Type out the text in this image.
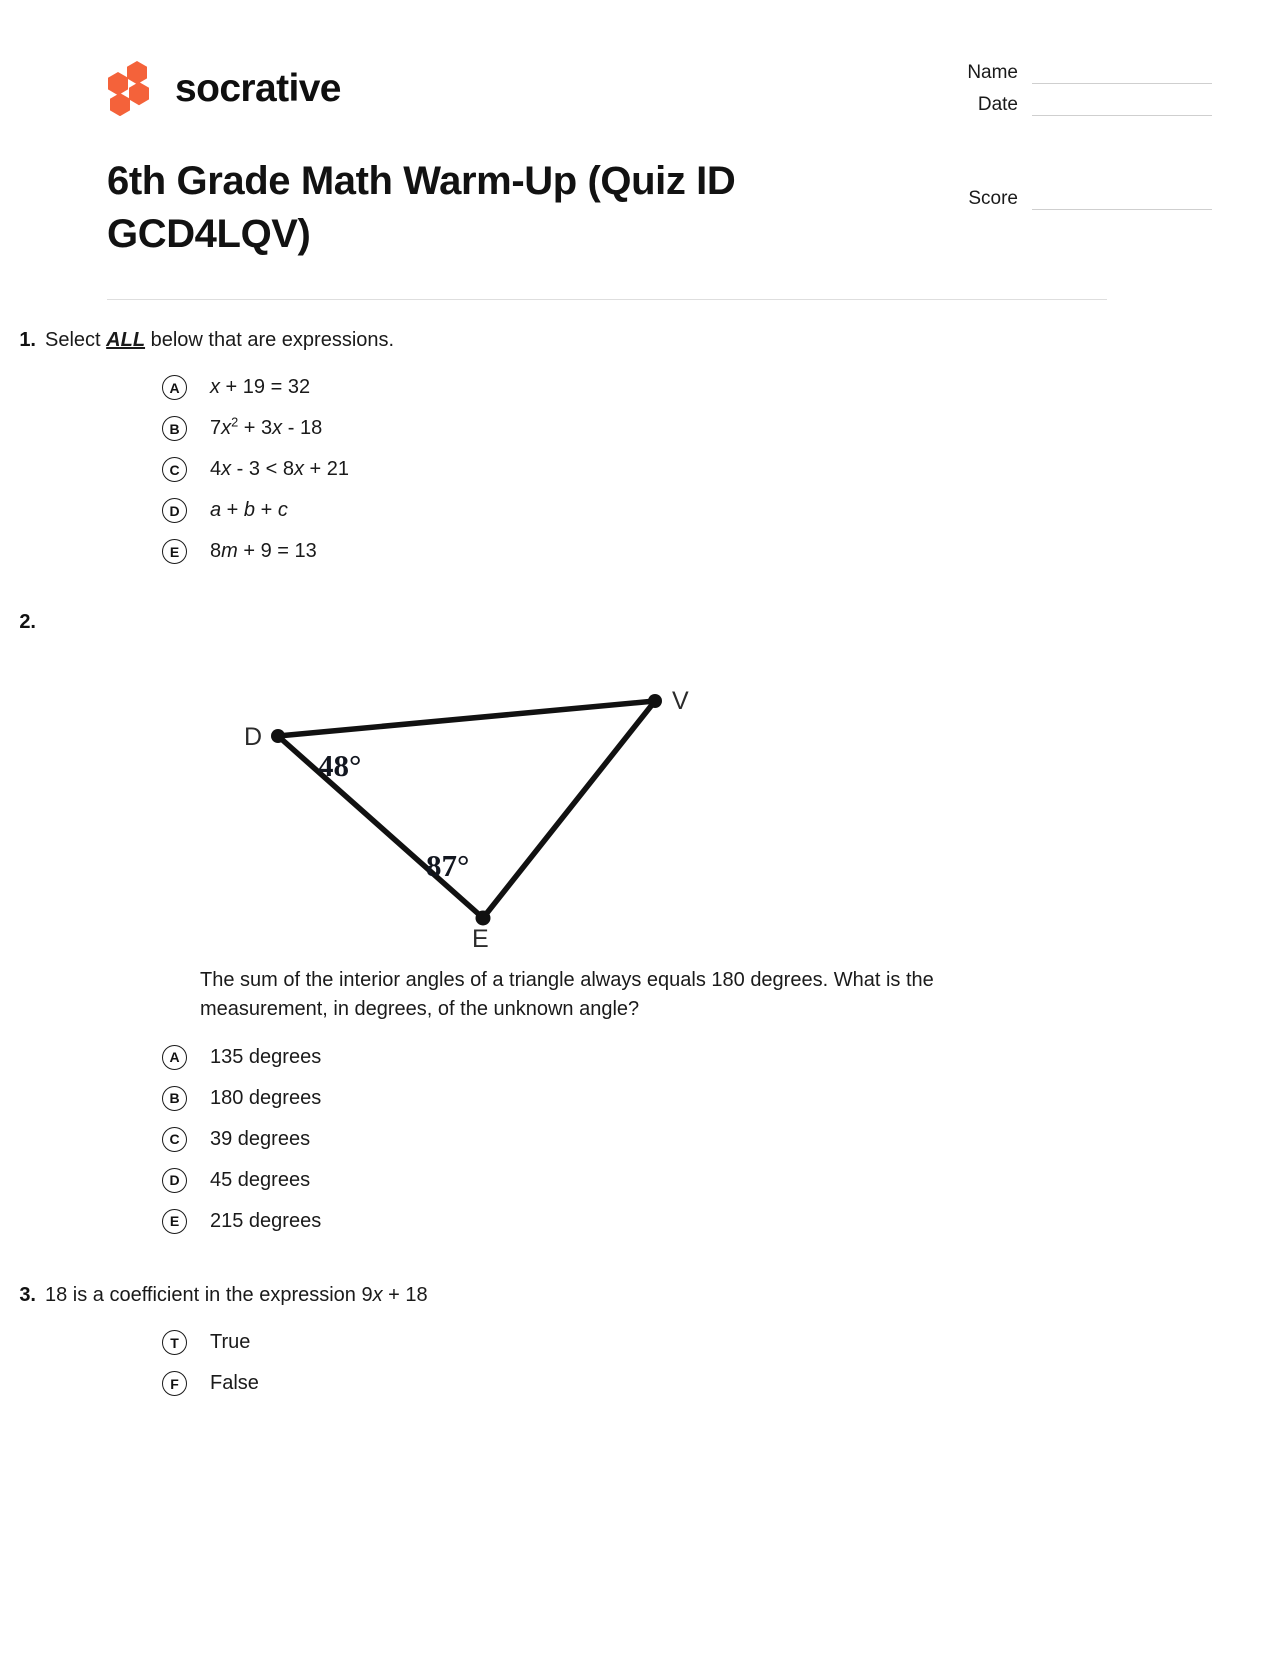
socrative	Name
Date
Score
6th Grade Math Warm-Up (Quiz ID GCD4LQV)
1. Select ALL below that are expressions.
A	x + 19 = 32
B	$7x^2 + 3x - 18$
C	4x - 3 < 8x + 21
D	a + b + c
E	8m + 9 = 13
2.
D
V
E
48°
87°
The sum of the interior angles of a triangle always equals 180 degrees. What is the measurement, in degrees, of the unknown angle?
A	135 degrees
B	180 degrees
C	39 degrees
D	45 degrees
E	215 degrees
3. 18 is a coefficient in the expression 9x + 18
T	True
F	False
